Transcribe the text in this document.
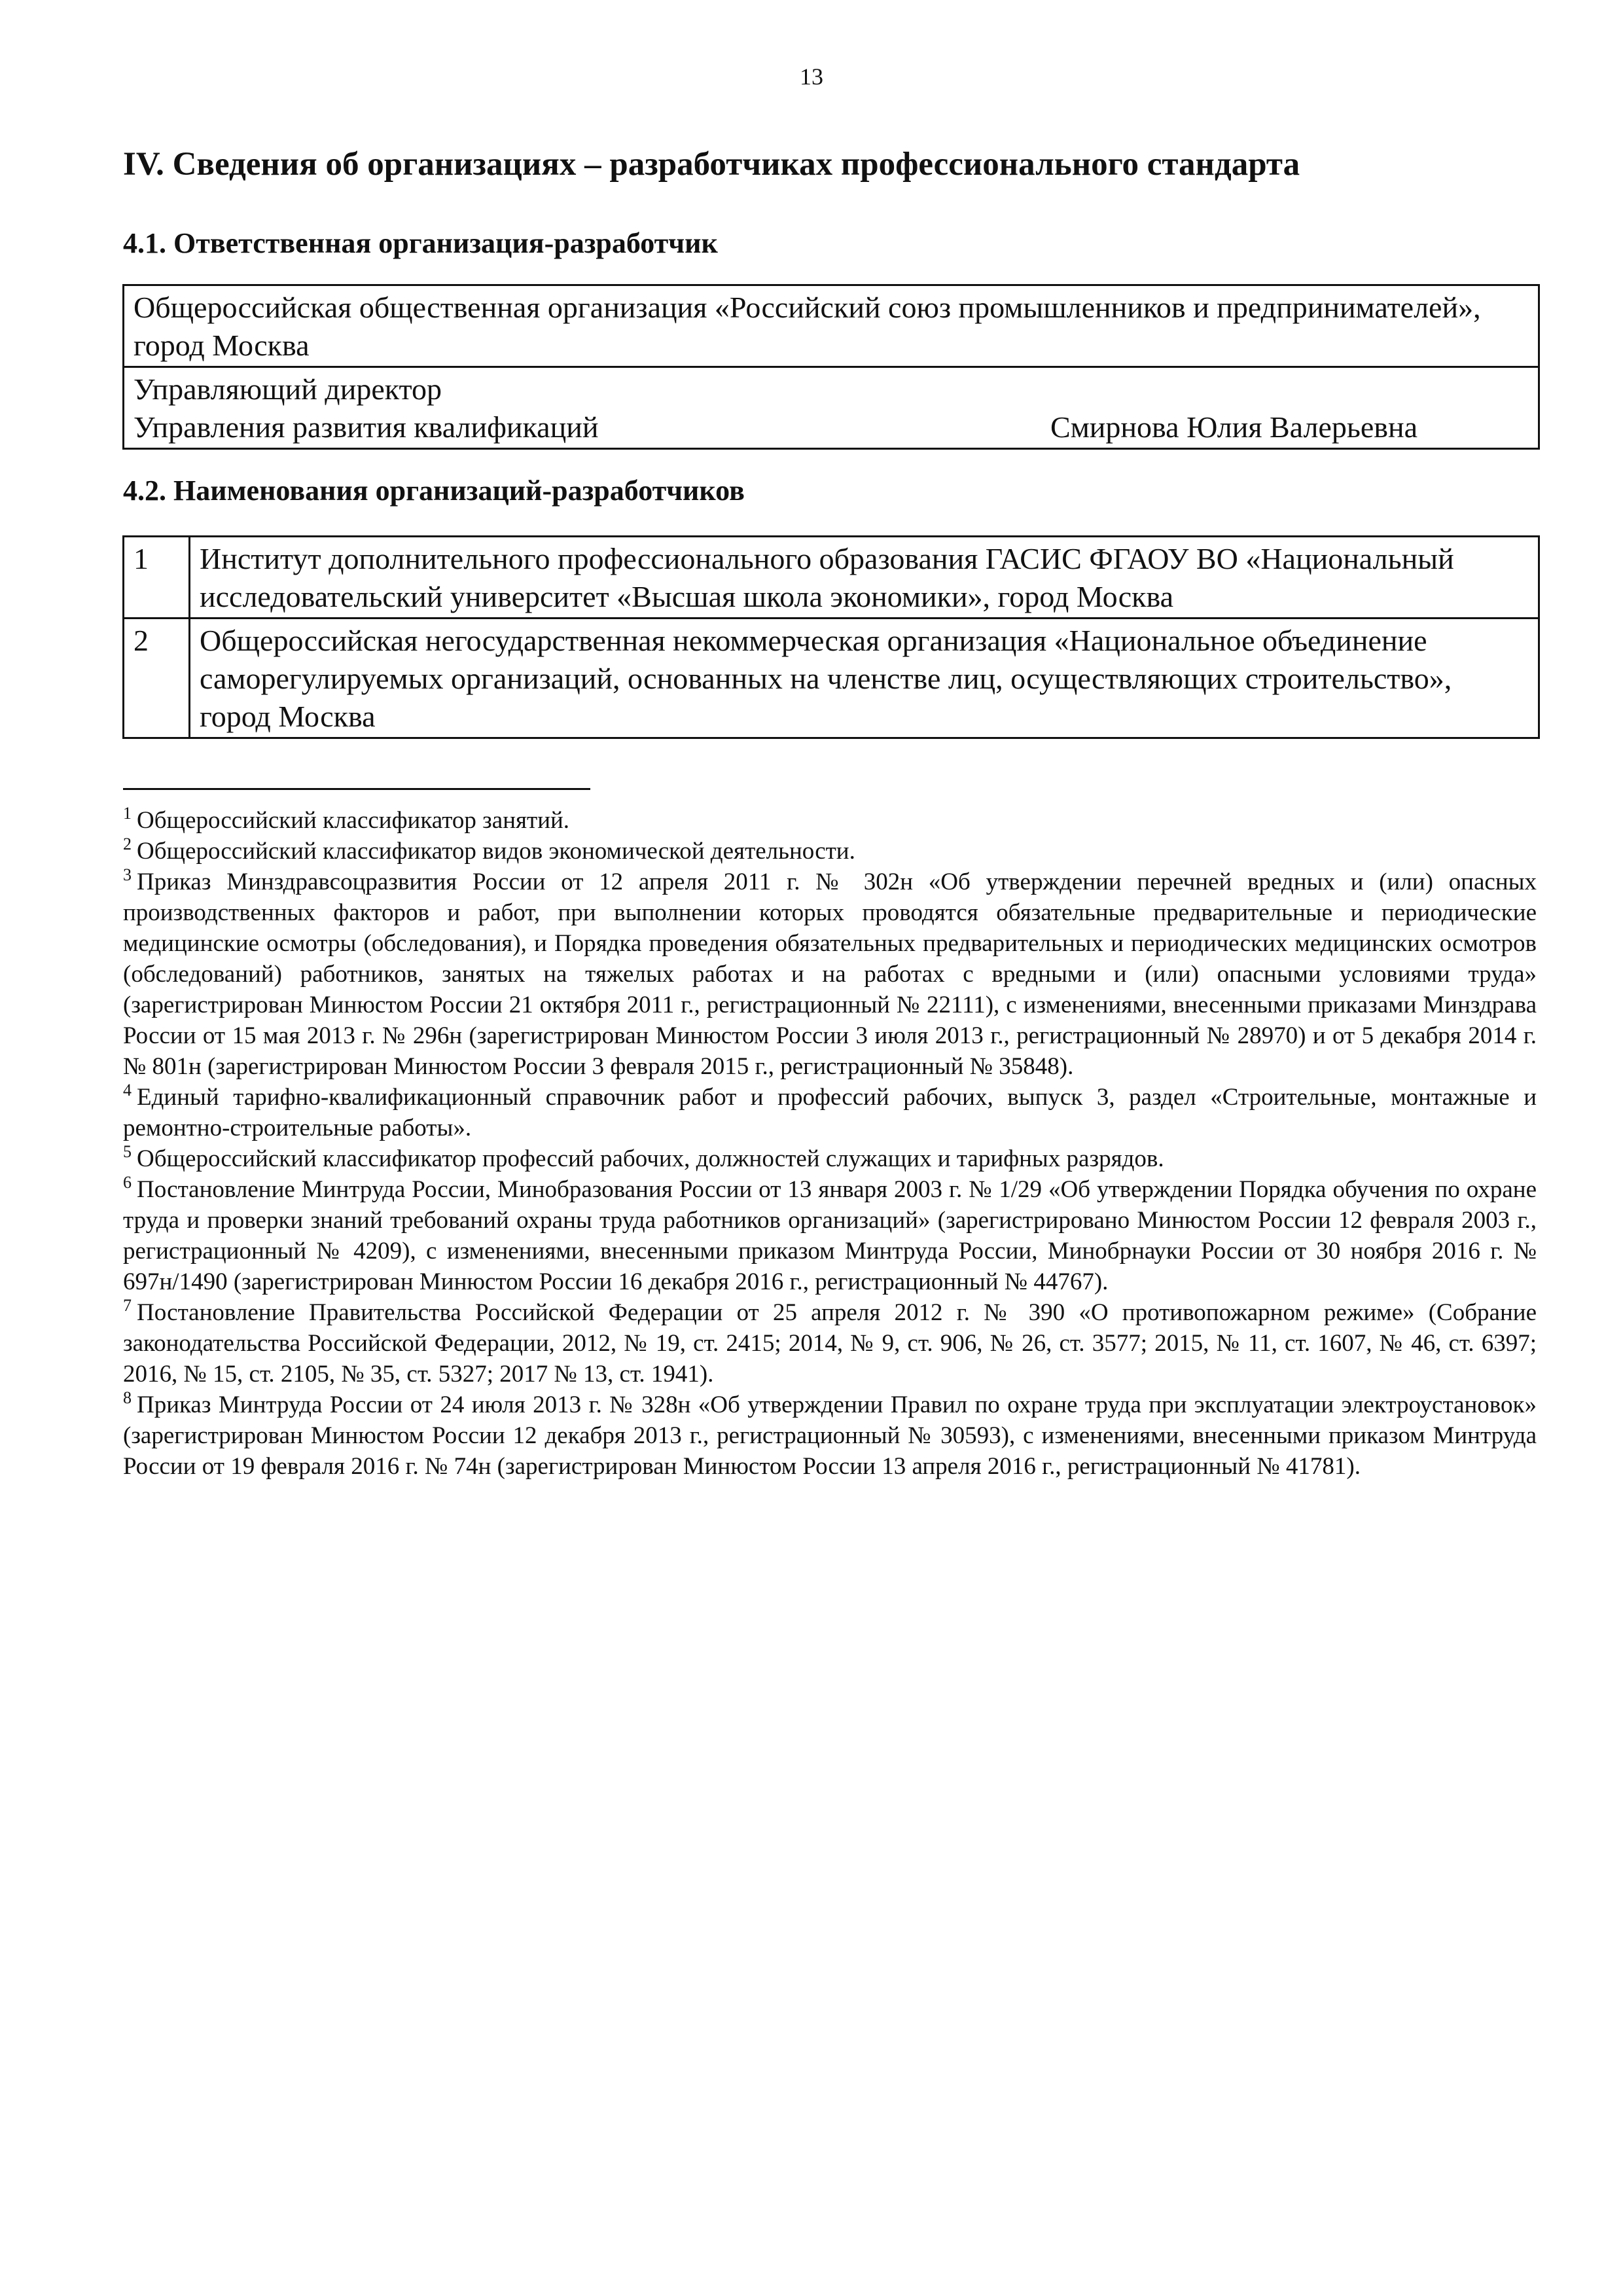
13
IV. Сведения об организациях – разработчиках профессионального стандарта
4.1. Ответственная организация-разработчик
Общероссийская общественная организация «Российский союз промышленников и предпринимателей», город Москва

Управляющий директор
Управления развития квалификаций	Смирнова Юлия Валерьевна
4.2. Наименования организаций-разработчиков
1	Институт дополнительного профессионального образования ГАСИС ФГАОУ ВО «Национальный исследовательский университет «Высшая школа экономики», город Москва
2	Общероссийская негосударственная некоммерческая организация «Национальное объединение саморегулируемых организаций, основанных на членстве лиц, осуществляющих строительство», город Москва

$^1$ Общероссийский классификатор занятий.

$^2$ Общероссийский классификатор видов экономической деятельности.

$^3$ Приказ Минздравсоцразвития России от 12 апреля 2011 г. № 302н «Об утверждении перечней вредных и (или) опасных производственных факторов и работ, при выполнении которых проводятся обязательные предварительные и периодические медицинские осмотры (обследования), и Порядка проведения обязательных предварительных и периодических медицинских осмотров (обследований) работников, занятых на тяжелых работах и на работах с вредными и (или) опасными условиями труда» (зарегистрирован Минюстом России 21 октября 2011 г., регистрационный № 22111), с изменениями, внесенными приказами Минздрава России от 15 мая 2013 г. № 296н (зарегистрирован Минюстом России 3 июля 2013 г., регистрационный № 28970) и от 5 декабря 2014 г. № 801н (зарегистрирован Минюстом России 3 февраля 2015 г., регистрационный № 35848).

$^4$ Единый тарифно-квалификационный справочник работ и профессий рабочих, выпуск 3, раздел «Строительные, монтажные и ремонтно-строительные работы».

$^5$ Общероссийский классификатор профессий рабочих, должностей служащих и тарифных разрядов.

$^6$ Постановление Минтруда России, Минобразования России от 13 января 2003 г. № 1/29 «Об утверждении Порядка обучения по охране труда и проверки знаний требований охраны труда работников организаций» (зарегистрировано Минюстом России 12 февраля 2003 г., регистрационный № 4209), с изменениями, внесенными приказом Минтруда России, Минобрнауки России от 30 ноября 2016 г. № 697н/1490 (зарегистрирован Минюстом России 16 декабря 2016 г., регистрационный № 44767).

$^7$ Постановление Правительства Российской Федерации от 25 апреля 2012 г. № 390 «О противопожарном режиме» (Собрание законодательства Российской Федерации, 2012, № 19, ст. 2415; 2014, № 9, ст. 906, № 26, ст. 3577; 2015, № 11, ст. 1607, № 46, ст. 6397; 2016, № 15, ст. 2105, № 35, ст. 5327; 2017 № 13, ст. 1941).

$^8$ Приказ Минтруда России от 24 июля 2013 г. № 328н «Об утверждении Правил по охране труда при эксплуатации электроустановок» (зарегистрирован Минюстом России 12 декабря 2013 г., регистрационный № 30593), с изменениями, внесенными приказом Минтруда России от 19 февраля 2016 г. № 74н (зарегистрирован Минюстом России 13 апреля 2016 г., регистрационный № 41781).
